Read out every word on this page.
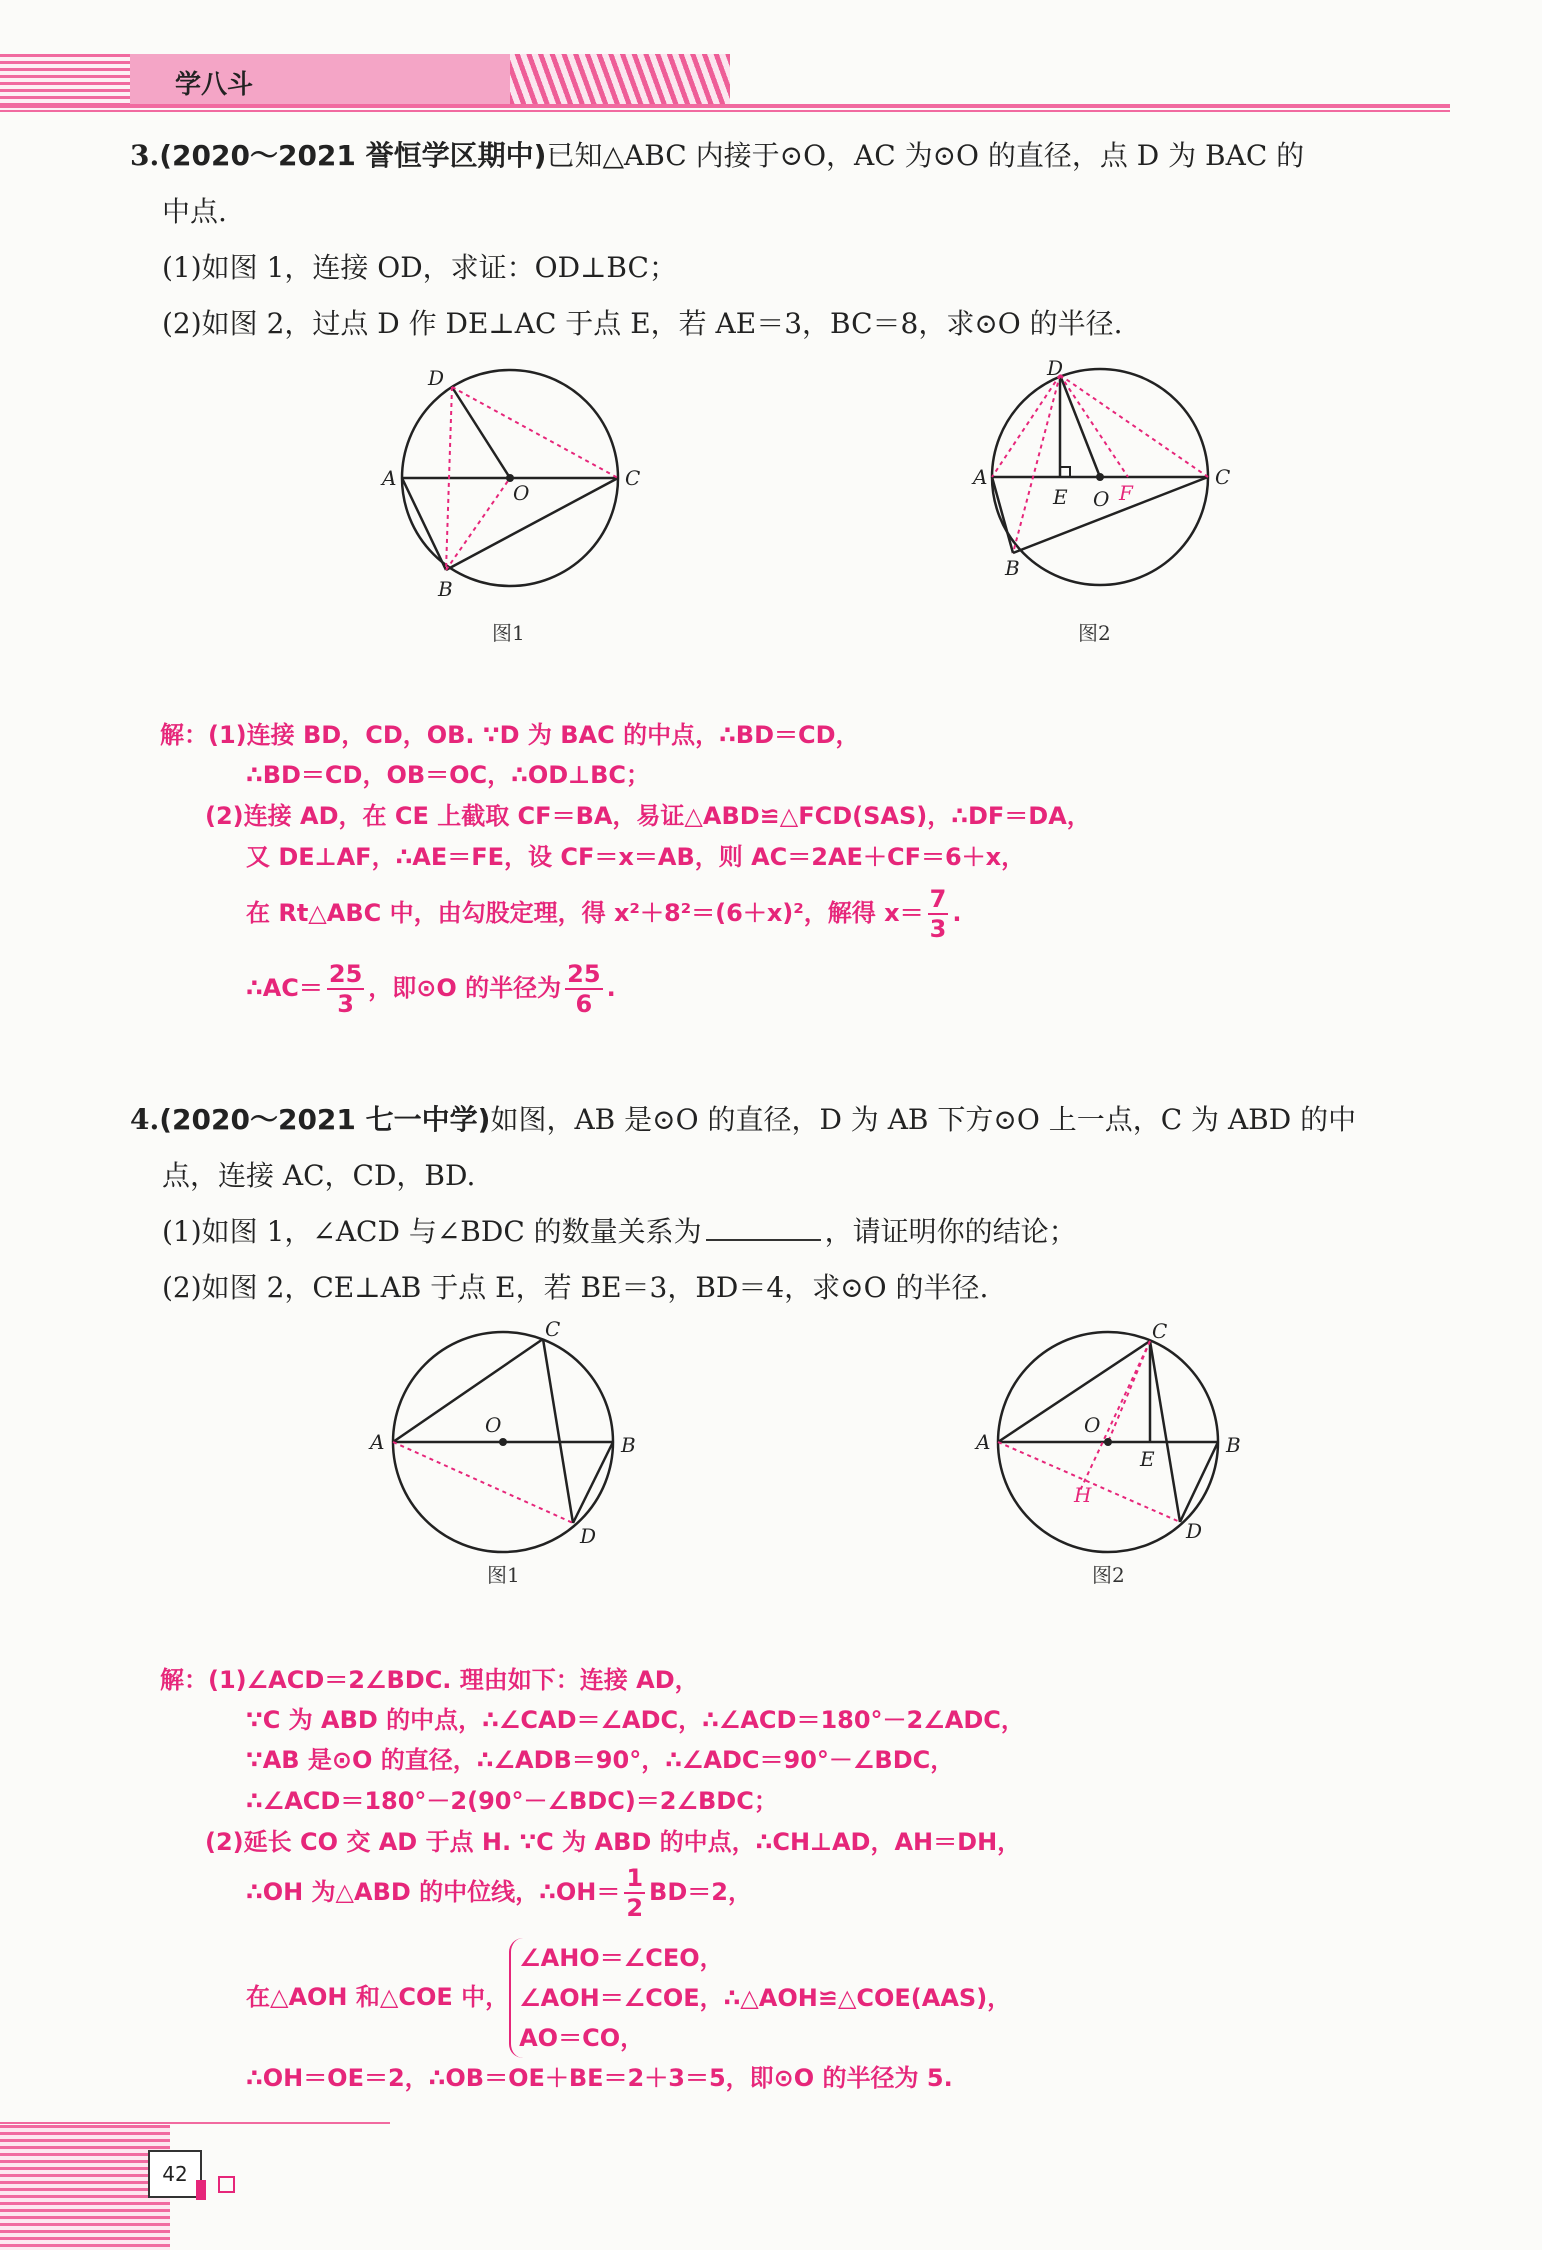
学八斗
3.(2020～2021 誉恒学区期中)已知△ABC 内接于⊙O，AC 为⊙O 的直径，点 D 为 BAC 的
中点.
(1)如图 1，连接 OD，求证：OD⊥BC；
(2)如图 2，过点 D 作 DE⊥AC 于点 E，若 AE＝3，BC＝8，求⊙O 的半径.
D
A
O
C
B
图1
D
A
E O F
C
B
图2
解：(1)连接 BD，CD，OB. ∵D 为 BAC 的中点，∴BD＝CD，
∴BD＝CD，OB＝OC，∴OD⊥BC；
(2)连接 AD，在 CE 上截取 CF＝BA，易证△ABD≌△FCD(SAS)，∴DF＝DA，
又 DE⊥AF，∴AE＝FE，设 CF＝x＝AB，则 AC＝2AE＋CF＝6＋x，
在 Rt△ABC 中，由勾股定理，得 x²＋8²＝(6＋x)²，解得 $x= \frac{7}{3}$ .
∴AC＝ $\frac{25}{3}$ ，即⊙O 的半径为 $\frac{25}{6}$ .
4.(2020～2021 七一中学)如图，AB 是⊙O 的直径，D 为 AB 下方⊙O 上一点，C 为 ABD 的中
点，连接 AC，CD，BD.
(1)如图 1，∠ACD 与∠BDC 的数量关系为	，请证明你的结论；
(2)如图 2，CE⊥AB 于点 E，若 BE＝3，BD＝4，求⊙O 的半径.
C
A
O
B
D
图1
C
A
O
E
B
H
D
图2
解：(1)∠ACD＝2∠BDC. 理由如下：连接 AD，
∵C 为 ABD 的中点，∴∠CAD＝∠ADC，∴∠ACD＝180°－2∠ADC，
∵AB 是⊙O 的直径，∴∠ADB＝90°，∴∠ADC＝90°－∠BDC，
∴∠ACD＝180°－2(90°－∠BDC)＝2∠BDC；
(2)延长 CO 交 AD 于点 H. ∵C 为 ABD 的中点，∴CH⊥AD，AH＝DH，
∴OH 为△ABD 的中位线，∴OH＝ $\frac{1}{2} BD=2$，
在△AOH 和△COE 中，
∠AHO＝∠CEO，
∠AOH＝∠COE，∴△AOH≌△COE(AAS)，
AO＝CO，
∴OH＝OE＝2，∴OB＝OE＋BE＝2＋3＝5，即⊙O 的半径为 5.
42
